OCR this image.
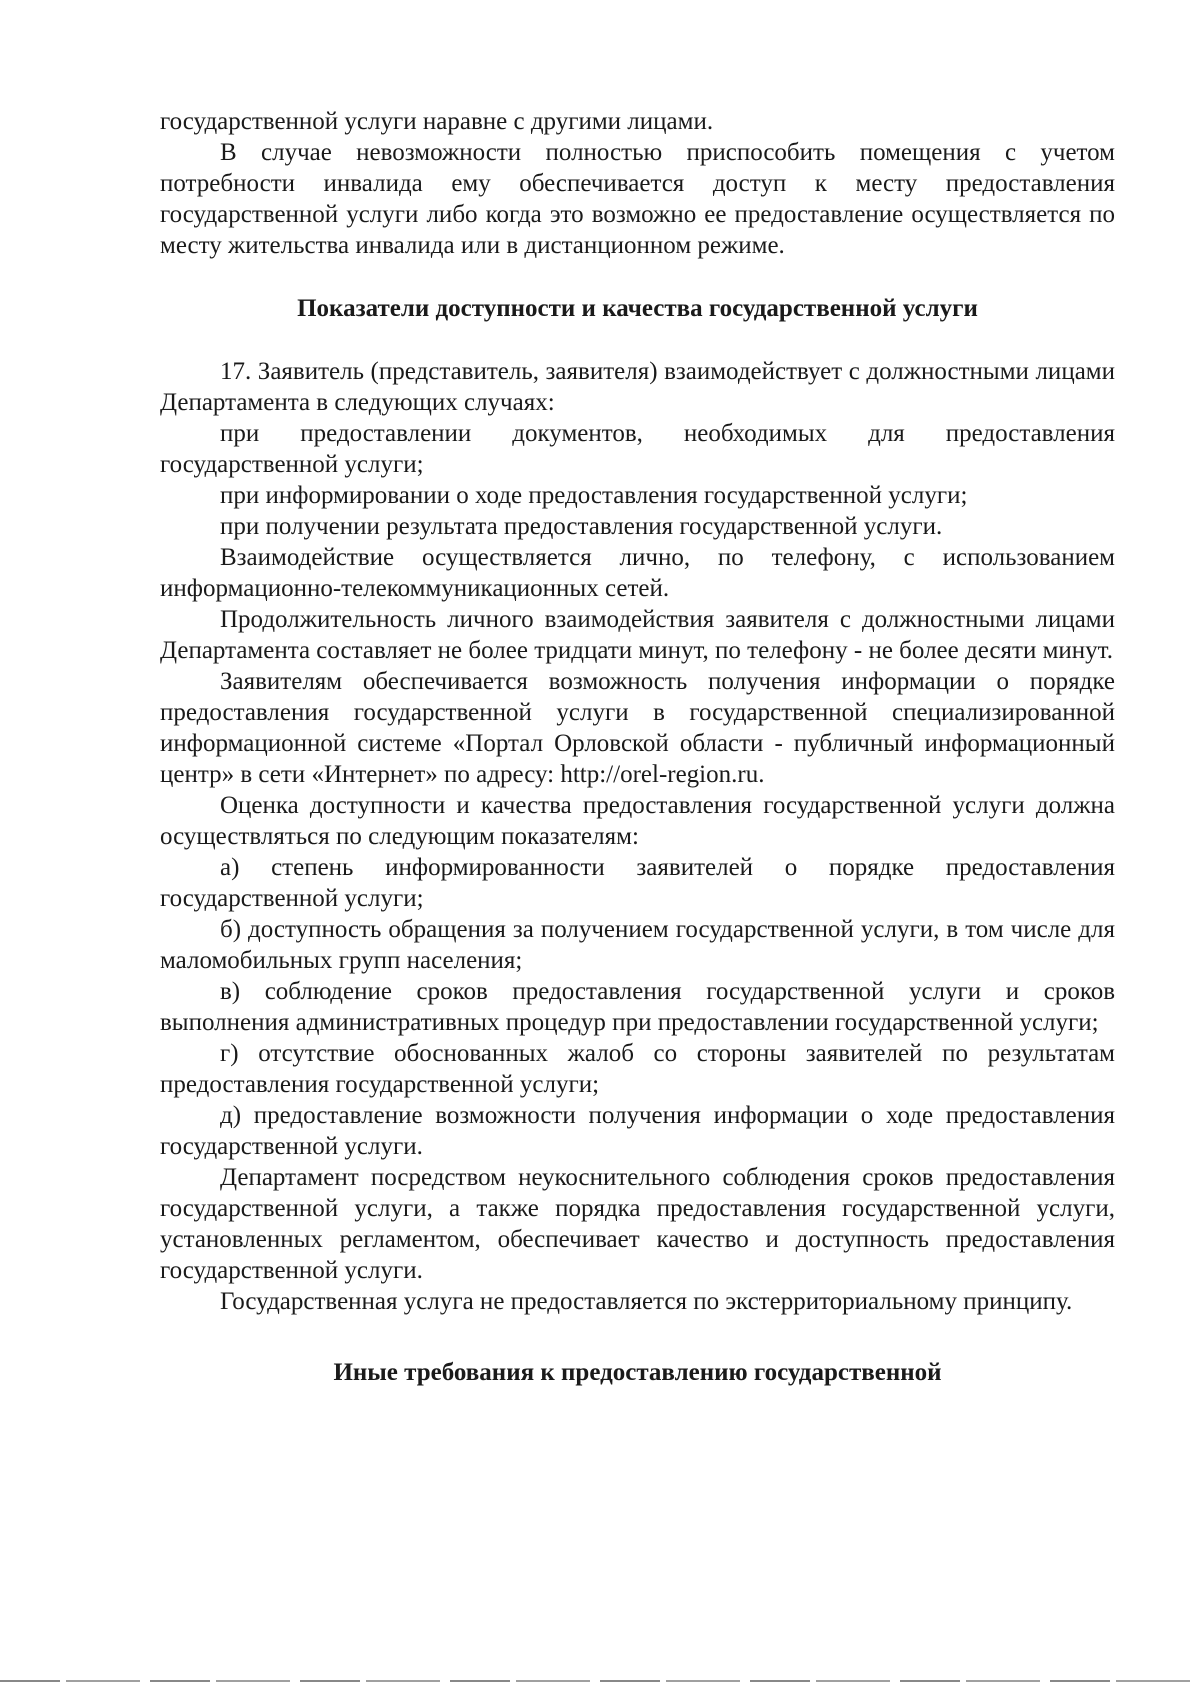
государственной услуги наравне с другими лицами.

В случае невозможности полностью приспособить помещения с учетом потребности инвалида ему обеспечивается доступ к месту предоставления государственной услуги либо когда это возможно ее предоставление осуществляется по месту жительства инвалида или в дистанционном режиме.

Показатели доступности и качества государственной услуги

17. Заявитель (представитель, заявителя) взаимодействует с должностными лицами Департамента в следующих случаях:

при предоставлении документов, необходимых для предоставления государственной услуги;

при информировании о ходе предоставления государственной услуги;

при получении результата предоставления государственной услуги.

Взаимодействие осуществляется лично, по телефону, с использованием информационно-телекоммуникационных сетей.

Продолжительность личного взаимодействия заявителя с должностными лицами Департамента составляет не более тридцати минут, по телефону - не более десяти минут.

Заявителям обеспечивается возможность получения информации о порядке предоставления государственной услуги в государственной специализированной информационной системе «Портал Орловской области - публичный информационный центр» в сети «Интернет» по адресу: http://orel-region.ru.

Оценка доступности и качества предоставления государственной услуги должна осуществляться по следующим показателям:

а) степень информированности заявителей о порядке предоставления государственной услуги;

б) доступность обращения за получением государственной услуги, в том числе для маломобильных групп населения;

в) соблюдение сроков предоставления государственной услуги и сроков выполнения административных процедур при предоставлении государственной услуги;

г) отсутствие обоснованных жалоб со стороны заявителей по результатам предоставления государственной услуги;

д) предоставление возможности получения информации о ходе предоставления государственной услуги.

Департамент посредством неукоснительного соблюдения сроков предоставления государственной услуги, а также порядка предоставления государственной услуги, установленных регламентом, обеспечивает качество и доступность предоставления государственной услуги.

Государственная услуга не предоставляется по экстерриториальному принципу.

Иные требования к предоставлению государственной
